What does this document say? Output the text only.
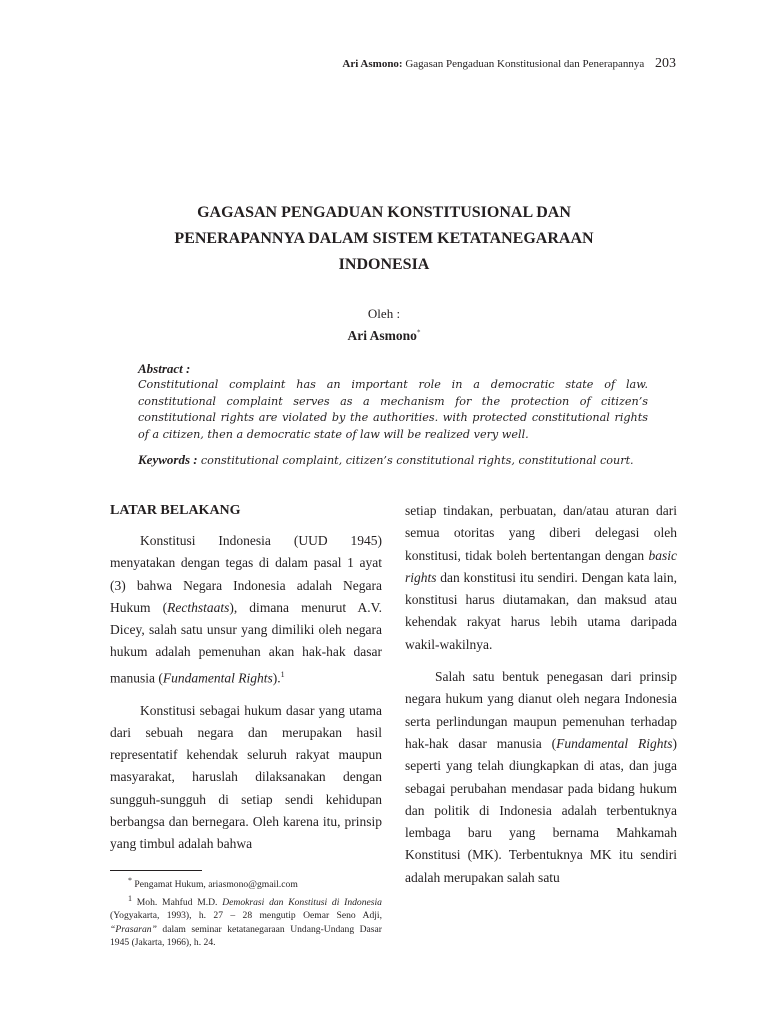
Ari Asmono: Gagasan Pengaduan Konstitusional dan Penerapannya 203
GAGASAN PENGADUAN KONSTITUSIONAL DAN
PENERAPANNYA DALAM SISTEM KETATANEGARAAN
INDONESIA
Oleh :
Ari Asmono*
Abstract :
Constitutional complaint has an important role in a democratic state of law. constitutional complaint serves as a mechanism for the protection of citizen’s constitutional rights are violated by the authorities. with protected constitutional rights of a citizen, then a democratic state of law will be realized very well.
Keywords : constitutional complaint, citizen’s constitutional rights, constitutional court.
LATAR BELAKANG

Konstitusi Indonesia (UUD 1945) menyatakan dengan tegas di dalam pasal 1 ayat (3) bahwa Negara Indonesia adalah Negara Hukum (Recthstaats), dimana menurut A.V. Dicey, salah satu unsur yang dimiliki oleh negara hukum adalah pemenuhan akan hak-hak dasar manusia (Fundamental Rights).$^1$

Konstitusi sebagai hukum dasar yang utama dari sebuah negara dan merupakan hasil representatif kehendak seluruh rakyat maupun masyarakat, haruslah dilaksanakan dengan sungguh-sungguh di setiap sendi kehidupan berbangsa dan bernegara. Oleh karena itu, prinsip yang timbul adalah bahwa

setiap tindakan, perbuatan, dan/atau aturan dari semua otoritas yang diberi delegasi oleh konstitusi, tidak boleh bertentangan dengan basic rights dan konstitusi itu sendiri. Dengan kata lain, konstitusi harus diutamakan, dan maksud atau kehendak rakyat harus lebih utama daripada wakil-wakilnya.

Salah satu bentuk penegasan dari prinsip negara hukum yang dianut oleh negara Indonesia serta perlindungan maupun pemenuhan terhadap hak-hak dasar manusia (Fundamental Rights) seperti yang telah diungkapkan di atas, dan juga sebagai perubahan mendasar pada bidang hukum dan politik di Indonesia adalah terbentuknya lembaga baru yang bernama Mahkamah Konstitusi (MK). Terbentuknya MK itu sendiri adalah merupakan salah satu

* Pengamat Hukum, ariasmono@gmail.com

$^1$ Moh. Mahfud M.D. Demokrasi dan Konstitusi di Indonesia (Yogyakarta, 1993), h. 27 – 28 mengutip Oemar Seno Adji, “Prasaran” dalam seminar ketatanegaraan Undang-Undang Dasar 1945 (Jakarta, 1966), h. 24.
